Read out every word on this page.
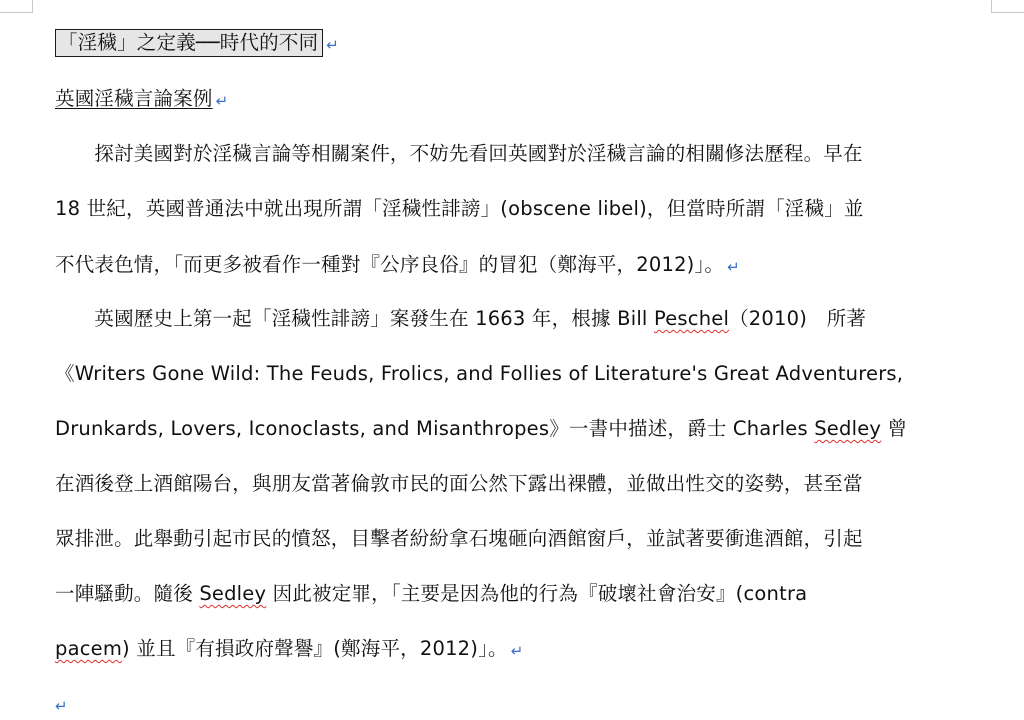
「淫穢」之定義──時代的不同 ↵
英國淫穢言論案例 ↵
　　探討美國對於淫穢言論等相關案件，不妨先看回英國對於淫穢言論的相關修法歷程。早在
18 世紀，英國普通法中就出現所謂「淫穢性誹謗」(obscene libel)，但當時所謂「淫穢」並
不代表色情，「而更多被看作一種對『公序良俗』的冒犯（鄭海平，2012)」。 ↵
　　英國歷史上第一起「淫穢性誹謗」案發生在 1663 年，根據 Bill Peschel（2010)　所著
《Writers Gone Wild: The Feuds, Frolics, and Follies of Literature's Great Adventurers,
Drunkards, Lovers, Iconoclasts, and Misanthropes》一書中描述，爵士 Charles Sedley 曾
在酒後登上酒館陽台，與朋友當著倫敦市民的面公然下露出裸體，並做出性交的姿勢，甚至當
眾排泄。此舉動引起市民的憤怒，目擊者紛紛拿石塊砸向酒館窗戶，並試著要衝進酒館，引起
一陣騷動。隨後 Sedley 因此被定罪，「主要是因為他的行為『破壞社會治安』(contra
pacem) 並且『有損政府聲譽』(鄭海平，2012)」。 ↵
↵
